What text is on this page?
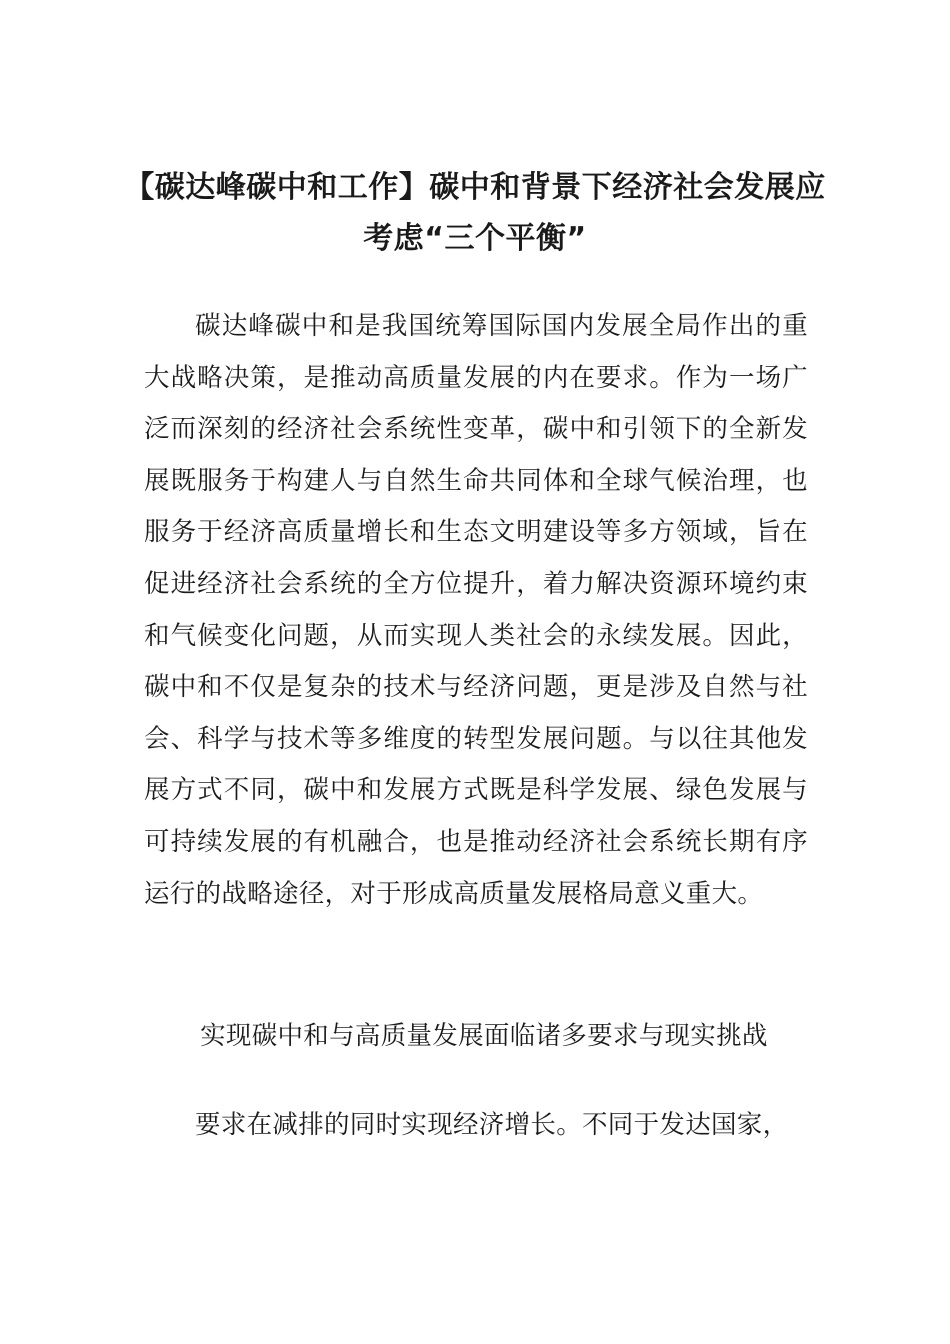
【碳达峰碳中和工作】碳中和背景下经济社会发展应考虑“三个平衡”

碳达峰碳中和是我国统筹国际国内发展全局作出的重大战略决策，是推动高质量发展的内在要求。作为一场广泛而深刻的经济社会系统性变革，碳中和引领下的全新发展既服务于构建人与自然生命共同体和全球气候治理，也服务于经济高质量增长和生态文明建设等多方领域，旨在促进经济社会系统的全方位提升，着力解决资源环境约束和气候变化问题，从而实现人类社会的永续发展。因此，碳中和不仅是复杂的技术与经济问题，更是涉及自然与社会、科学与技术等多维度的转型发展问题。与以往其他发展方式不同，碳中和发展方式既是科学发展、绿色发展与可持续发展的有机融合，也是推动经济社会系统长期有序运行的战略途径，对于形成高质量发展格局意义重大。

实现碳中和与高质量发展面临诸多要求与现实挑战

要求在减排的同时实现经济增长。不同于发达国家，
